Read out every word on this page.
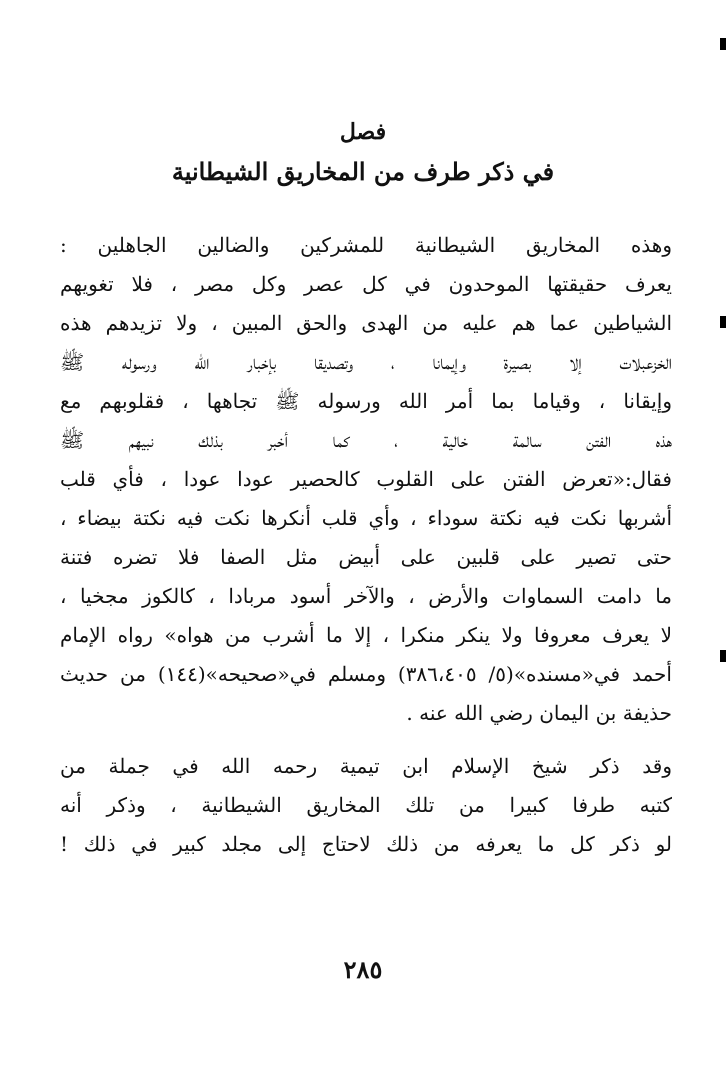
فصل
في ذكر طرف من المخاريق الشيطانية
وهذه المخاريق الشيطانية للمشركين والضالين الجاهلين :
يعرف حقيقتها الموحدون في كل عصر وكل مصر ، فلا تغويهم
الشياطين عما هم عليه من الهدى والحق المبين ، ولا تزيدهم هذه
الخزعبلات إلا بصيرة وإيمانا ، وتصديقا بإخبار الله ورسوله ﷺ
وإيقانا ، وقياما بما أمر الله ورسوله ﷺ تجاهها ، فقلوبهم مع
هذه الفتن سالمة خالية ، كما أخبر بذلك نبيهم ﷺ
فقال:«تعرض الفتن على القلوب كالحصير عودا عودا ، فأي قلب
أشربها نكت فيه نكتة سوداء ، وأي قلب أنكرها نكت فيه نكتة بيضاء ،
حتى تصير على قلبين على أبيض مثل الصفا فلا تضره فتنة
ما دامت السماوات والأرض ، والآخر أسود مربادا ، كالكوز مجخيا ،
لا يعرف معروفا ولا ينكر منكرا ، إلا ما أشرب من هواه» رواه الإمام
أحمد في«مسنده»(٥/ ٣٨٦،٤٠٥) ومسلم في«صحيحه»(١٤٤) من حديث
حذيفة بن اليمان رضي الله عنه .
وقد ذكر شيخ الإسلام ابن تيمية رحمه الله في جملة من
كتبه طرفا كبيرا من تلك المخاريق الشيطانية ، وذكر أنه
لو ذكر كل ما يعرفه من ذلك لاحتاج إلى مجلد كبير في ذلك !
٢٨٥
